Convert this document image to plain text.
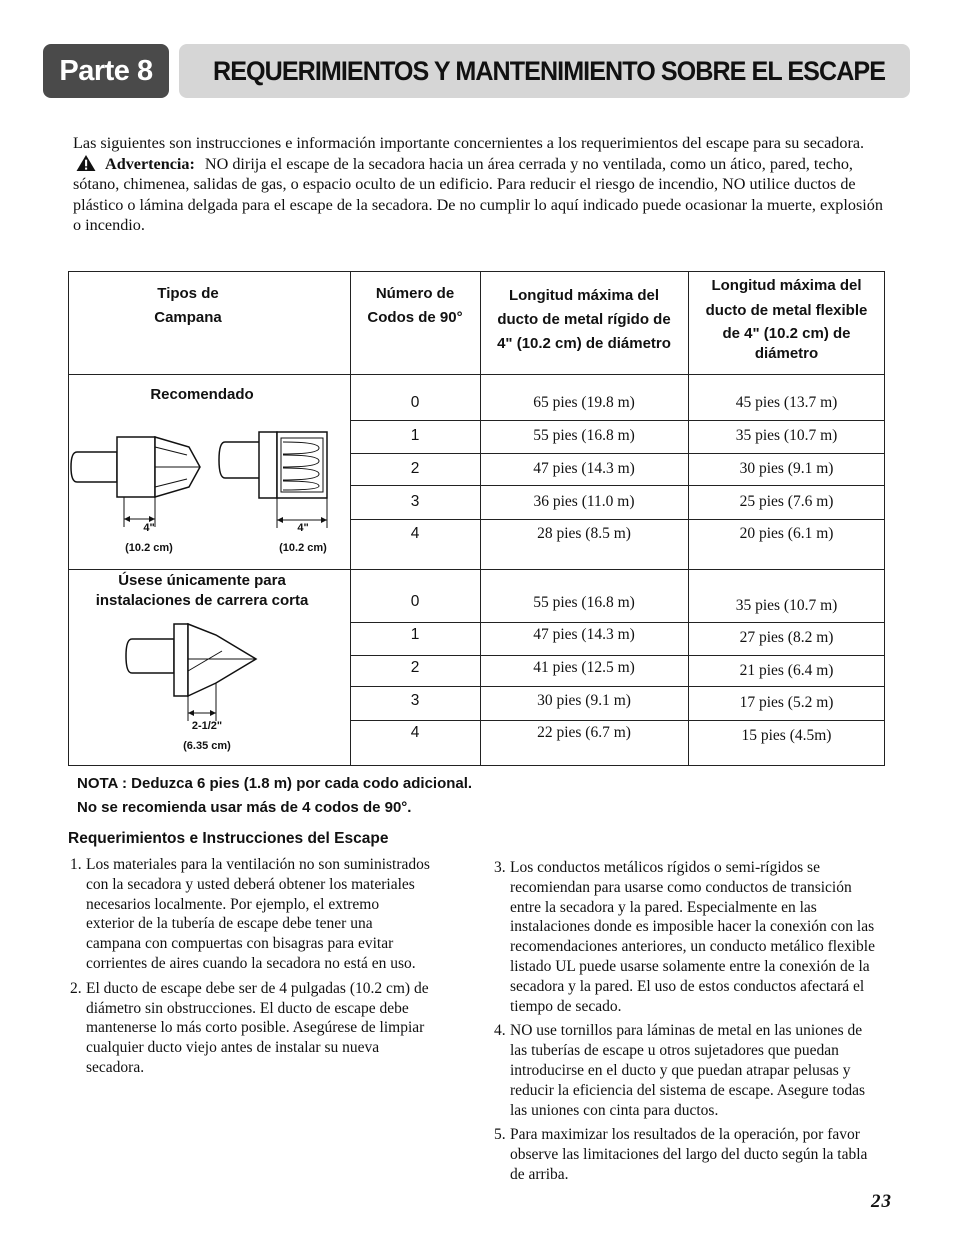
Parte 8	REQUERIMIENTOS Y MANTENIMIENTO SOBRE EL ESCAPE

Las siguientes son instrucciones e información importante concernientes a los requerimientos del escape para su secadora.

Advertencia: NO dirija el escape de la secadora hacia un área cerrada y no ventilada, como un ático, pared, techo, sótano, chimenea, salidas de gas, o espacio oculto de un edificio. Para reducir el riesgo de incendio, NO utilice ductos de plástico o lámina delgada para el escape de la secadora. De no cumplir lo aquí indicado puede ocasionar la muerte, explosión o incendio.

Tipos de
Campana
Número de
Codos de 90°
Longitud máxima del
ducto de metal rígido de
4" (10.2 cm) de diámetro
Longitud máxima del
ducto de metal flexible
de 4" (10.2 cm) de
diámetro
Recomendado
4"
(10.2 cm)
4"
(10.2 cm)
0
1
2
3
4
65 pies (19.8 m)
55 pies (16.8 m)
47 pies (14.3 m)
36 pies (11.0 m)
28 pies (8.5 m)
45 pies (13.7 m)
35 pies (10.7 m)
30 pies (9.1 m)
25 pies (7.6 m)
20 pies (6.1 m)
Úsese únicamente para
instalaciones de carrera corta
2-1/2"
(6.35 cm)
0
1
2
3
4
55 pies (16.8 m)
47 pies (14.3 m)
41 pies (12.5 m)
30 pies (9.1 m)
22 pies (6.7 m)
35 pies (10.7 m)
27 pies (8.2 m)
21 pies (6.4 m)
17 pies (5.2 m)
15 pies (4.5m)
NOTA : Deduzca 6 pies (1.8 m) por cada codo adicional.
No se recomienda usar más de 4 codos de 90°.
Requerimientos e Instrucciones del Escape
1. Los materiales para la ventilación no son suministrados con la secadora y usted deberá obtener los materiales necesarios localmente. Por ejemplo, el extremo exterior de la tubería de escape debe tener una campana con compuertas con bisagras para evitar corrientes de aires cuando la secadora no está en uso.
2. El ducto de escape debe ser de 4 pulgadas (10.2 cm) de diámetro sin obstrucciones. El ducto de escape debe mantenerse lo más corto posible. Asegúrese de limpiar cualquier ducto viejo antes de instalar su nueva secadora.
3. Los conductos metálicos rígidos o semi-rígidos se recomiendan para usarse como conductos de transición entre la secadora y la pared. Especialmente en las instalaciones donde es imposible hacer la conexión con las recomendaciones anteriores, un conducto metálico flexible listado UL puede usarse solamente entre la conexión de la secadora y la pared. El uso de estos conductos afectará el tiempo de secado.
4. NO use tornillos para láminas de metal en las uniones de las tuberías de escape u otros sujetadores que puedan introducirse en el ducto y que puedan atrapar pelusas y reducir la eficiencia del sistema de escape. Asegure todas las uniones con cinta para ductos.
5. Para maximizar los resultados de la operación, por favor observe las limitaciones del largo del ducto según la tabla de arriba.
23
